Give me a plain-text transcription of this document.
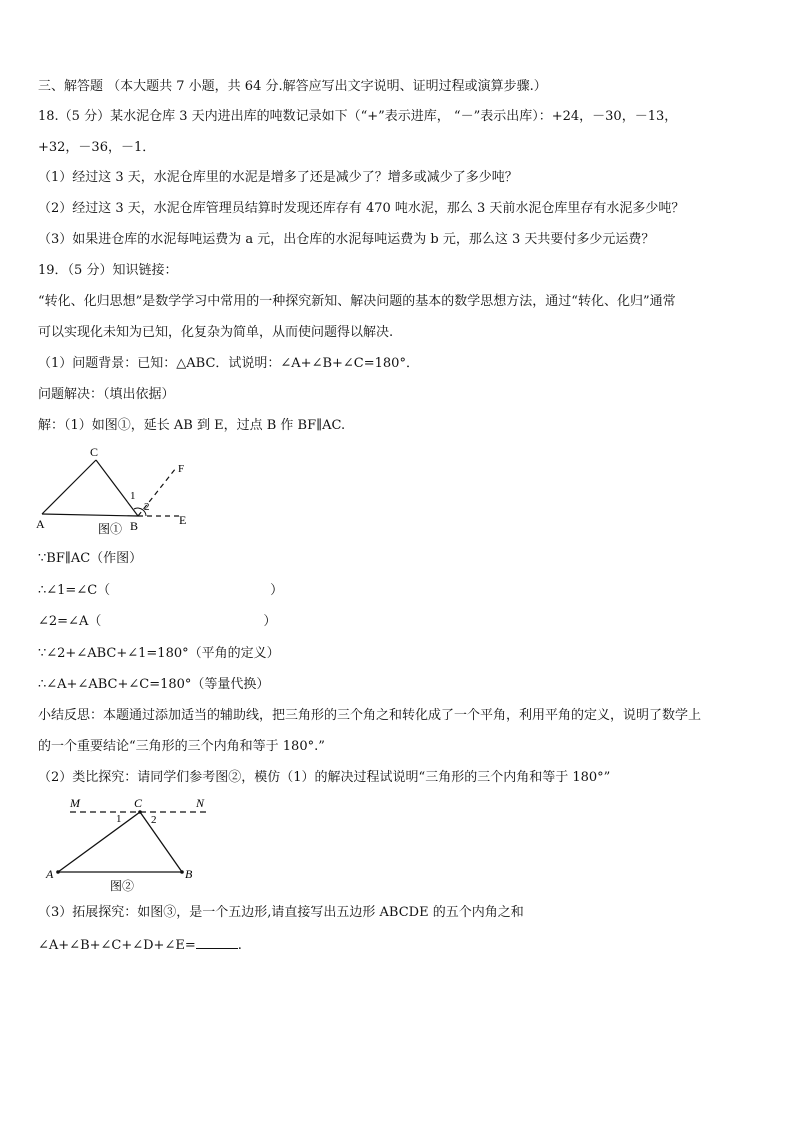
三、解答题 （本大题共 7 小题，共 64 分.解答应写出文字说明、证明过程或演算步骤.）
18.（5 分）某水泥仓库 3 天内进出库的吨数记录如下（“+”表示进库， “－”表示出库）：+24，－30，－13，
+32，－36，－1．
（1）经过这 3 天，水泥仓库里的水泥是增多了还是减少了？增多或减少了多少吨？
（2）经过这 3 天，水泥仓库管理员结算时发现还库存有 470 吨水泥，那么 3 天前水泥仓库里存有水泥多少吨？
（3）如果进仓库的水泥每吨运费为 a 元，出仓库的水泥每吨运费为 b 元，那么这 3 天共要付多少元运费？
19．（5 分）知识链接：
“转化、化归思想”是数学学习中常用的一种探究新知、解决问题的基本的数学思想方法，通过“转化、化归”通常
可以实现化未知为已知，化复杂为简单，从而使问题得以解决.
（1）问题背景：已知：△ABC．试说明：∠A+∠B+∠C=180°．
问题解决：（填出依据）
解：（1）如图①，延长 AB 到 E，过点 B 作 BF∥AC.
C
A	B	E
F
1
2
图①
∵BF∥AC（作图）
∴∠1=∠C（	）
∠2=∠A（	）
∵∠2+∠ABC+∠1=180°（平角的定义）
∴∠A+∠ABC+∠C=180°（等量代换）
小结反思：本题通过添加适当的辅助线，把三角形的三个角之和转化成了一个平角，利用平角的定义，说明了数学上
的一个重要结论“三角形的三个内角和等于 180°.”
（2）类比探究：请同学们参考图②，模仿（1）的解决过程试说明“三角形的三个内角和等于 180°”
M	C	N
A	B
1	2
图②
（3）拓展探究：如图③，是一个五边形,请直接写出五边形 ABCDE 的五个内角之和
∠A+∠B+∠C+∠D+∠E=	.
